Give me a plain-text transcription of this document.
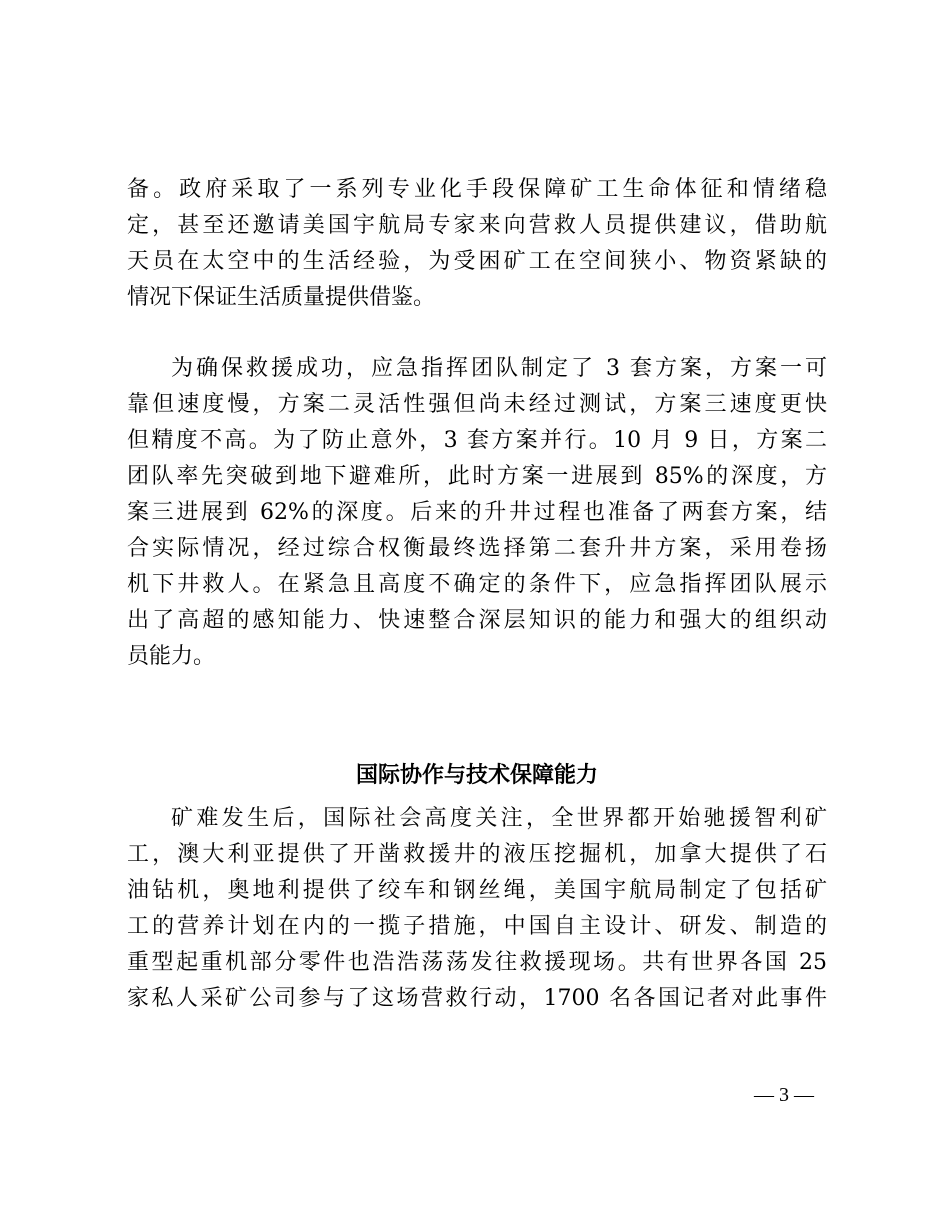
备。政府采取了一系列专业化手段保障矿工生命体征和情绪稳
定，甚至还邀请美国宇航局专家来向营救人员提供建议，借助航
天员在太空中的生活经验，为受困矿工在空间狭小、物资紧缺的
情况下保证生活质量提供借鉴。
为确保救援成功，应急指挥团队制定了 3 套方案，方案一可
靠但速度慢，方案二灵活性强但尚未经过测试，方案三速度更快
但精度不高。为了防止意外，3 套方案并行。10 月 9 日，方案二
团队率先突破到地下避难所，此时方案一进展到 85%的深度，方
案三进展到 62%的深度。后来的升井过程也准备了两套方案，结
合实际情况，经过综合权衡最终选择第二套升井方案，采用卷扬
机下井救人。在紧急且高度不确定的条件下，应急指挥团队展示
出了高超的感知能力、快速整合深层知识的能力和强大的组织动
员能力。
国际协作与技术保障能力
矿难发生后，国际社会高度关注，全世界都开始驰援智利矿
工，澳大利亚提供了开凿救援井的液压挖掘机，加拿大提供了石
油钻机，奥地利提供了绞车和钢丝绳，美国宇航局制定了包括矿
工的营养计划在内的一揽子措施，中国自主设计、研发、制造的
重型起重机部分零件也浩浩荡荡发往救援现场。共有世界各国 25
家私人采矿公司参与了这场营救行动，1700 名各国记者对此事件
— 3 —
